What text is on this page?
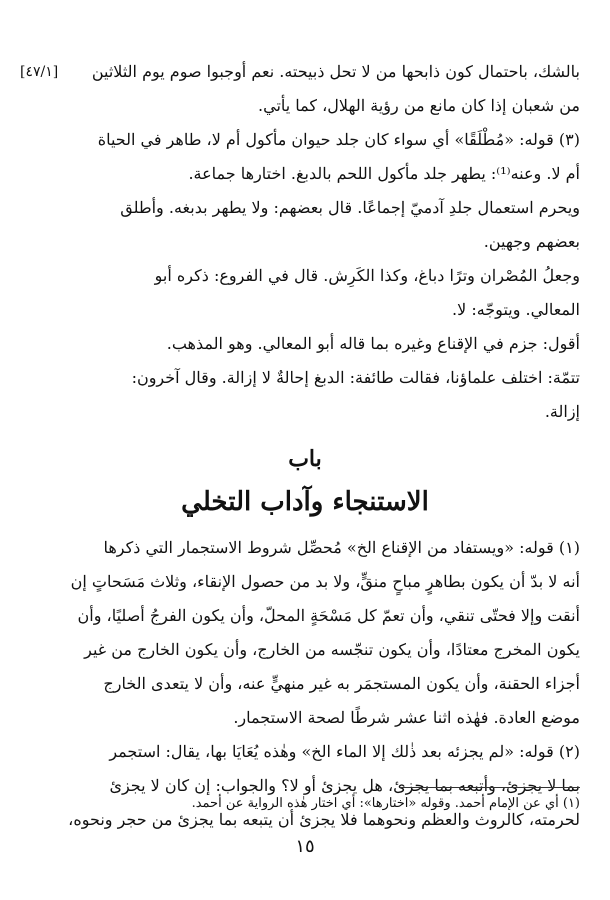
بالشك، باحتمال كون ذابحها من لا تحل ذبيحته. نعم أوجبوا صوم يوم الثلاثين
[٤٧/١]
من شعبان إذا كان مانع من رؤية الهلال، كما يأتي.
(٣) قوله: «مُطْلَقًا» أي سواء كان جلد حيوان مأكول أم لا، طاهر في الحياة
أم لا. وعنه⁽¹⁾: يطهر جلد مأكول اللحم بالدبغ. اختارها جماعة.
ويحرم استعمال جلدِ آدميّ إجماعًا. قال بعضهم: ولا يطهر بدبغه. وأطلق
بعضهم وجهين.
وجعلُ المُصْران وترًا دباغ، وكذا الكَرِش. قال في الفروع: ذكره أبو
المعالي. ويتوجّه: لا.
أقول: جزم في الإقناع وغيره بما قاله أبو المعالي. وهو المذهب.
تتمّة: اختلف علماؤنا، فقالت طائفة: الدبغ إحالةٌ لا إزالة. وقال آخرون:
إزالة.
باب
الاستنجاء وآداب التخلي
(١) قوله: «ويستفاد من الإقناع الخ» مُحصِّل شروط الاستجمار التي ذكرها
أنه لا بدّ أن يكون بطاهرٍ مباحٍ منقٍّ، ولا بد من حصول الإنقاء، وثلاث مَسَحاتٍ إن
أنقت وإلا فحتّى تنقي، وأن تعمّ كل مَسْحَةٍ المحلّ، وأن يكون الفرجُ أصليًا، وأن
يكون المخرج معتادًا، وأن يكون تنجّسه من الخارج، وأن يكون الخارج من غير
أجزاء الحقنة، وأن يكون المستجمَر به غير منهيٍّ عنه، وأن لا يتعدى الخارج
موضع العادة. فهٰذه اثنا عشر شرطًا لصحة الاستجمار.
(٢) قوله: «لم يجزئه بعد ذٰلك إلا الماء الخ» وهٰذه يُعَايَا بها، يقال: استجمر
بما لا يجزئ، وأتبعه بما يجزئ، هل يجزئ أو لا؟ والجواب: إن كان لا يجزئ
لحرمته، كالروث والعظم ونحوهما فلا يجزئ أن يتبعه بما يجزئ من حجر ونحوه،
(١) أي عن الإمام أحمد. وقوله «اختارها»: أي اختار هٰذه الرواية عن أحمد.
١٥
